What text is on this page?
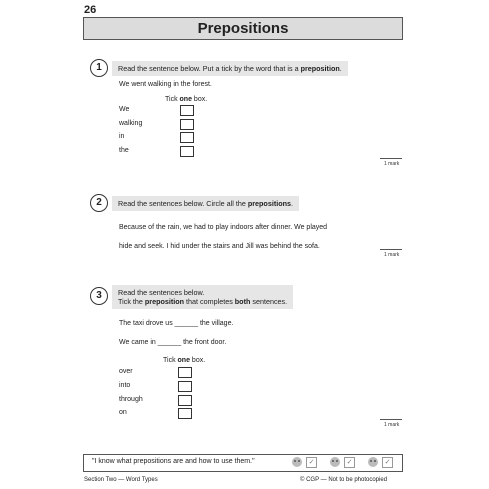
26
Prepositions
1	Read the sentence below. Put a tick by the word that is a preposition.
We went walking in the forest.
Tick one box.
We
walking
in
the
1 mark
2	Read the sentences below. Circle all the prepositions.
Because of the rain, we had to play indoors after dinner. We played
hide and seek. I hid under the stairs and Jill was behind the sofa.
1 mark
3	Read the sentences below.
Tick the preposition that completes both sentences.
The taxi drove us ______ the village.
We came in ______ the front door.
Tick one box.
over
into
through
on
1 mark
"I know what prepositions are and how to use them."	✓	✓	✓
Section Two — Word Types	© CGP — Not to be photocopied
